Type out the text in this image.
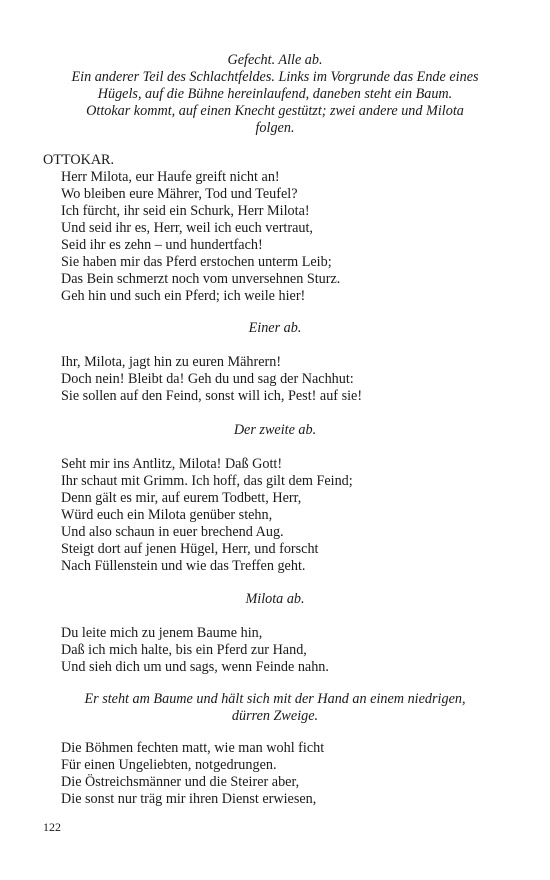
Gefecht. Alle ab.
Ein anderer Teil des Schlachtfeldes. Links im Vorgrunde das Ende eines
Hügels, auf die Bühne hereinlaufend, daneben steht ein Baum.
Ottokar kommt, auf einen Knecht gestützt; zwei andere und Milota
folgen.
OTTOKAR.
Herr Milota, eur Haufe greift nicht an!
Wo bleiben eure Mährer, Tod und Teufel?
Ich fürcht, ihr seid ein Schurk, Herr Milota!
Und seid ihr es, Herr, weil ich euch vertraut,
Seid ihr es zehn – und hundertfach!
Sie haben mir das Pferd erstochen unterm Leib;
Das Bein schmerzt noch vom unversehnen Sturz.
Geh hin und such ein Pferd; ich weile hier!
Einer ab.
Ihr, Milota, jagt hin zu euren Mährern!
Doch nein! Bleibt da! Geh du und sag der Nachhut:
Sie sollen auf den Feind, sonst will ich, Pest! auf sie!
Der zweite ab.
Seht mir ins Antlitz, Milota! Daß Gott!
Ihr schaut mit Grimm. Ich hoff, das gilt dem Feind;
Denn gält es mir, auf eurem Todbett, Herr,
Würd euch ein Milota genüber stehn,
Und also schaun in euer brechend Aug.
Steigt dort auf jenen Hügel, Herr, und forscht
Nach Füllenstein und wie das Treffen geht.
Milota ab.
Du leite mich zu jenem Baume hin,
Daß ich mich halte, bis ein Pferd zur Hand,
Und sieh dich um und sags, wenn Feinde nahn.
Er steht am Baume und hält sich mit der Hand an einem niedrigen,
dürren Zweige.
Die Böhmen fechten matt, wie man wohl ficht
Für einen Ungeliebten, notgedrungen.
Die Östreichsmänner und die Steirer aber,
Die sonst nur träg mir ihren Dienst erwiesen,
122
